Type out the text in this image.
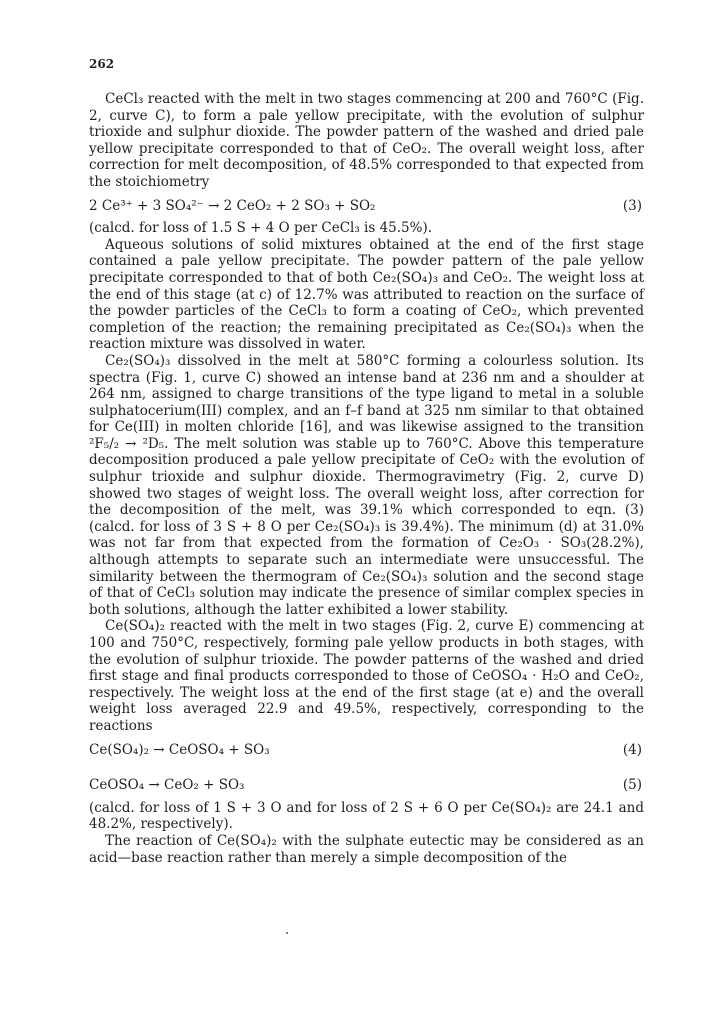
262

CeCl₃ reacted with the melt in two stages commencing at 200 and 760°C (Fig. 2, curve C), to form a pale yellow precipitate, with the evolution of sulphur trioxide and sulphur dioxide. The powder pattern of the washed and dried pale yellow precipitate corresponded to that of CeO₂. The overall weight loss, after correction for melt decomposition, of 48.5% corresponded to that expected from the stoichiometry

2 Ce³⁺ + 3 SO₄²⁻ → 2 CeO₂ + 2 SO₃ + SO₂	(3)

(calcd. for loss of 1.5 S + 4 O per CeCl₃ is 45.5%).

Aqueous solutions of solid mixtures obtained at the end of the first stage contained a pale yellow precipitate. The powder pattern of the pale yellow precipitate corresponded to that of both Ce₂(SO₄)₃ and CeO₂. The weight loss at the end of this stage (at c) of 12.7% was attributed to reaction on the surface of the powder particles of the CeCl₃ to form a coating of CeO₂, which prevented completion of the reaction; the remaining precipitated as Ce₂(SO₄)₃ when the reaction mixture was dissolved in water.

Ce₂(SO₄)₃ dissolved in the melt at 580°C forming a colourless solution. Its spectra (Fig. 1, curve C) showed an intense band at 236 nm and a shoulder at 264 nm, assigned to charge transitions of the type ligand to metal in a soluble sulphatocerium(III) complex, and an f–f band at 325 nm similar to that obtained for Ce(III) in molten chloride [16], and was likewise assigned to the transition ²F₅/₂ → ²D₅. The melt solution was stable up to 760°C. Above this temperature decomposition produced a pale yellow precipitate of CeO₂ with the evolution of sulphur trioxide and sulphur dioxide. Thermogravimetry (Fig. 2, curve D) showed two stages of weight loss. The overall weight loss, after correction for the decomposition of the melt, was 39.1% which corresponded to eqn. (3) (calcd. for loss of 3 S + 8 O per Ce₂(SO₄)₃ is 39.4%). The minimum (d) at 31.0% was not far from that expected from the formation of Ce₂O₃ · SO₃(28.2%), although attempts to separate such an intermediate were unsuccessful. The similarity between the thermogram of Ce₂(SO₄)₃ solution and the second stage of that of CeCl₃ solution may indicate the presence of similar complex species in both solutions, although the latter exhibited a lower stability.

Ce(SO₄)₂ reacted with the melt in two stages (Fig. 2, curve E) commencing at 100 and 750°C, respectively, forming pale yellow products in both stages, with the evolution of sulphur trioxide. The powder patterns of the washed and dried first stage and final products corresponded to those of CeOSO₄ · H₂O and CeO₂, respectively. The weight loss at the end of the first stage (at e) and the overall weight loss averaged 22.9 and 49.5%, respectively, corresponding to the reactions

Ce(SO₄)₂ → CeOSO₄ + SO₃	(4)
CeOSO₄ → CeO₂ + SO₃	(5)

(calcd. for loss of 1 S + 3 O and for loss of 2 S + 6 O per Ce(SO₄)₂ are 24.1 and 48.2%, respectively).

The reaction of Ce(SO₄)₂ with the sulphate eutectic may be considered as an acid—base reaction rather than merely a simple decomposition of the
